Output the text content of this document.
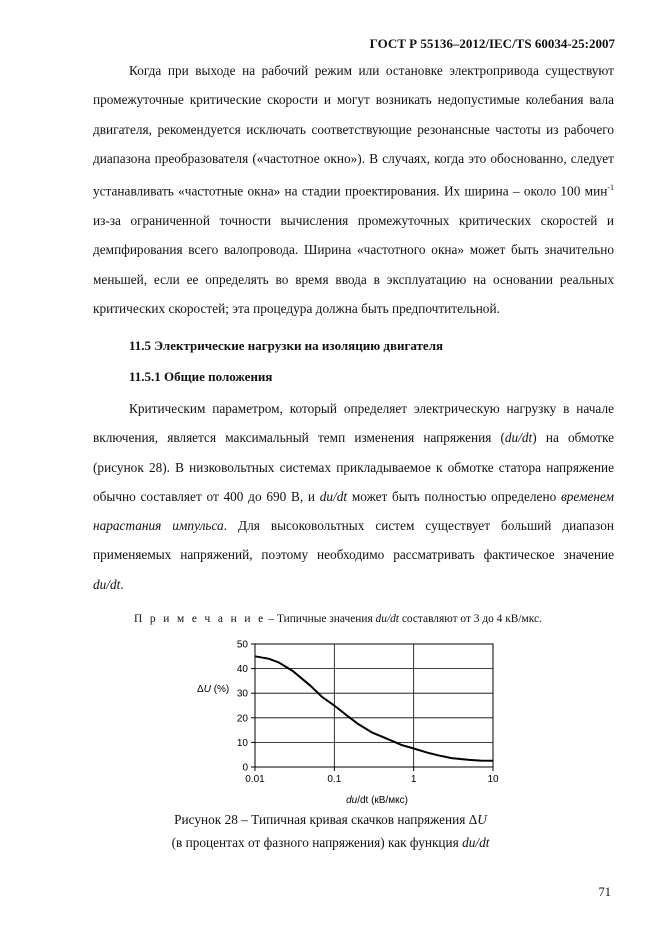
ГОСТ Р 55136–2012/IEC/TS 60034-25:2007

Когда при выходе на рабочий режим или остановке электропривода существуют промежуточные критические скорости и могут возникать недопустимые колебания вала двигателя, рекомендуется исключать соответствующие резонансные частоты из рабочего диапазона преобразователя («частотное окно»). В случаях, когда это обоснованно, следует устанавливать «частотные окна» на стадии проектирования. Их ширина – около 100 мин$^{-1}$ из-за ограниченной точности вычисления промежуточных критических скоростей и демпфирования всего валопровода. Ширина «частотного окна» может быть значительно меньшей, если ее определять во время ввода в эксплуатацию на основании реальных критических скоростей; эта процедура должна быть предпочтительной.

11.5 Электрические нагрузки на изоляцию двигателя
11.5.1 Общие положения

Критическим параметром, который определяет электрическую нагрузку в начале включения, является максимальный темп изменения напряжения (du/dt) на обмотке (рисунок 28). В низковольтных системах прикладываемое к обмотке статора напряжение обычно составляет от 400 до 690 В, и du/dt может быть полностью определено временем нарастания импульса. Для высоковольтных систем существует больший диапазон применяемых напряжений, поэтому необходимо рассматривать фактическое значение du/dt.

П р и м е ч а н и е – Типичные значения du/dt составляют от 3 до 4 кВ/мкс.
0
10
20
30
40
50
0.01	0.1	1	10
ΔU (%)
du/dt (кВ/мкс)
Рисунок 28 – Типичная кривая скачков напряжения ΔU
(в процентах от фазного напряжения) как функция du/dt
71
